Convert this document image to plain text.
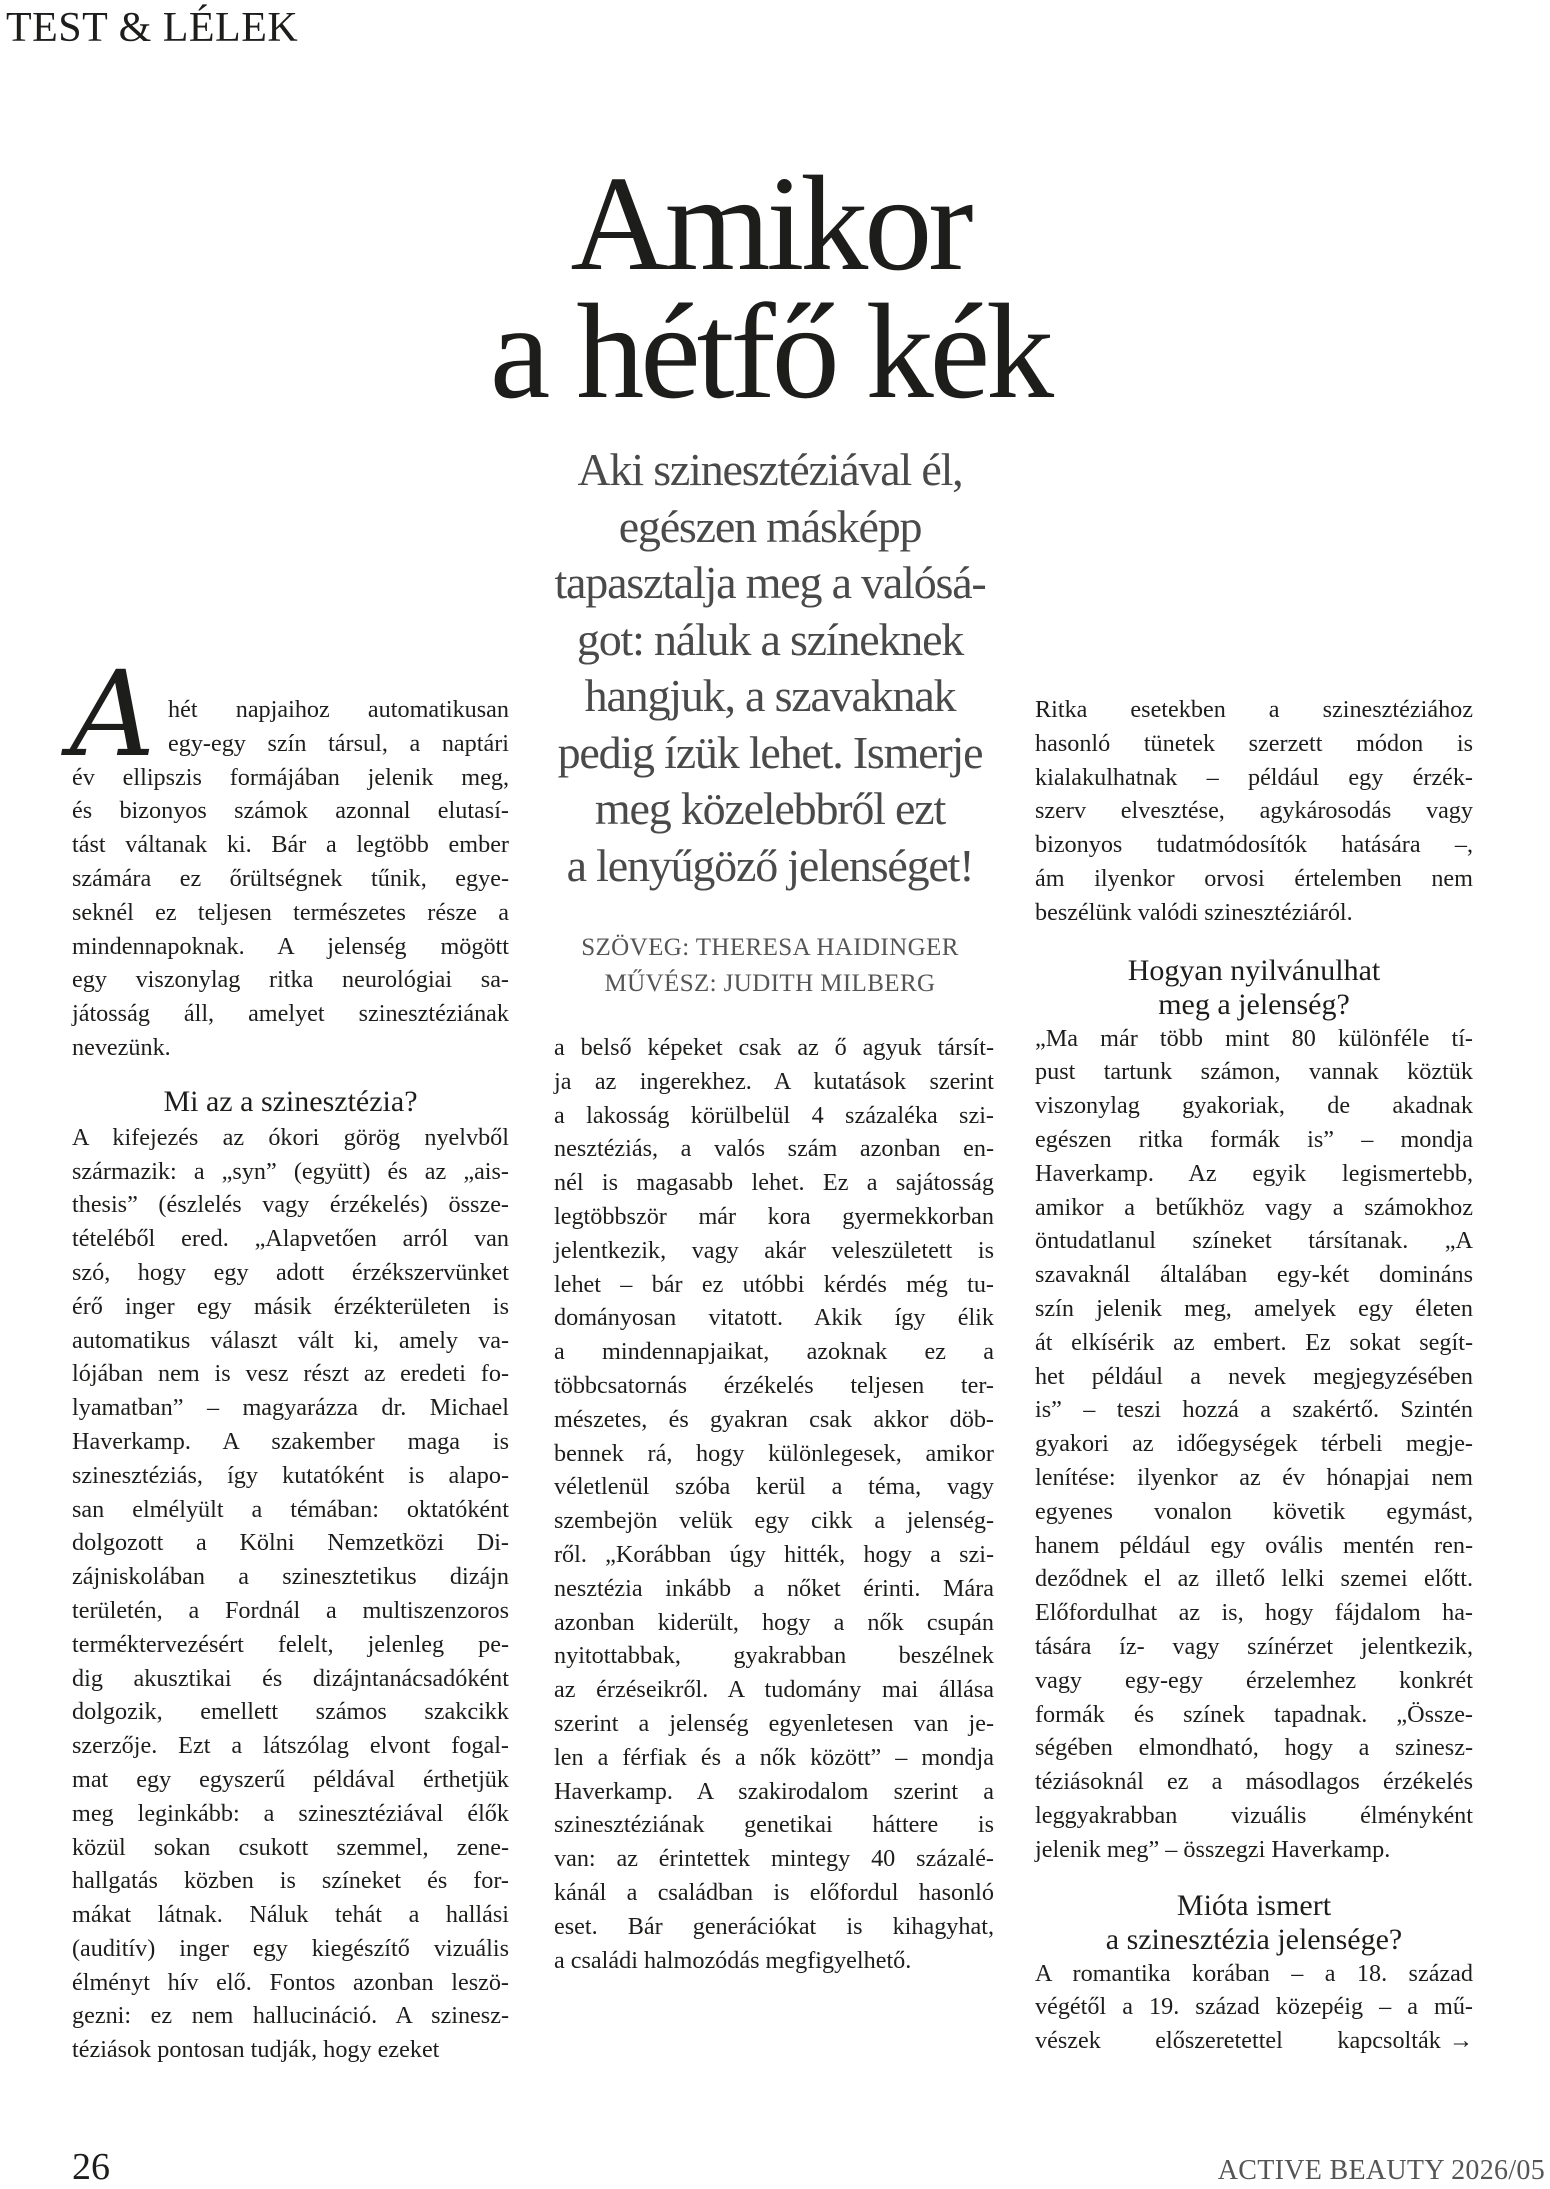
TEST & LÉLEK
Amikor
a hétfő kék

Aki szinesztéziával él,
egészen másképp
tapasztalja meg a valósá-
got: náluk a színeknek
hangjuk, a szavaknak
pedig ízük lehet. Ismerje
meg közelebbről ezt
a lenyűgöző jelenséget!

SZÖVEG: THERESA HAIDINGER
MŰVÉSZ: JUDITH MILBERG
A hét napjaihoz automatikusan
egy-egy szín társul, a naptári
év ellipszis formájában jelenik meg,
és bizonyos számok azonnal elutasí-
tást váltanak ki. Bár a legtöbb ember
számára ez őrültségnek tűnik, egye-
seknél ez teljesen természetes része a
mindennapoknak. A jelenség mögött
egy viszonylag ritka neurológiai sa-
játosság áll, amelyet szinesztéziának
nevezünk.
Mi az a szinesztézia?
A kifejezés az ókori görög nyelvből
származik: a „syn” (együtt) és az „ais-
thesis” (észlelés vagy érzékelés) össze-
tételéből ered. „Alapvetően arról van
szó, hogy egy adott érzékszervünket
érő inger egy másik érzékterületen is
automatikus választ vált ki, amely va-
lójában nem is vesz részt az eredeti fo-
lyamatban” – magyarázza dr. Michael
Haverkamp. A szakember maga is
szinesztéziás, így kutatóként is alapo-
san elmélyült a témában: oktatóként
dolgozott a Kölni Nemzetközi Di-
zájniskolában a szinesztetikus dizájn
területén, a Fordnál a multiszenzoros
terméktervezésért felelt, jelenleg pe-
dig akusztikai és dizájntanácsadóként
dolgozik, emellett számos szakcikk
szerzője. Ezt a látszólag elvont fogal-
mat egy egyszerű példával érthetjük
meg leginkább: a szinesztéziával élők
közül sokan csukott szemmel, zene-
hallgatás közben is színeket és for-
mákat látnak. Náluk tehát a hallási
(auditív) inger egy kiegészítő vizuális
élményt hív elő. Fontos azonban leszö-
gezni: ez nem hallucináció. A szinesz-
téziások pontosan tudják, hogy ezeket
a belső képeket csak az ő agyuk társít-
ja az ingerekhez. A kutatások szerint
a lakosság körülbelül 4 százaléka szi-
nesztéziás, a valós szám azonban en-
nél is magasabb lehet. Ez a sajátosság
legtöbbször már kora gyermekkorban
jelentkezik, vagy akár veleszületett is
lehet – bár ez utóbbi kérdés még tu-
dományosan vitatott. Akik így élik
a mindennapjaikat, azoknak ez a
többcsatornás érzékelés teljesen ter-
mészetes, és gyakran csak akkor döb-
bennek rá, hogy különlegesek, amikor
véletlenül szóba kerül a téma, vagy
szembejön velük egy cikk a jelenség-
ről. „Korábban úgy hitték, hogy a szi-
nesztézia inkább a nőket érinti. Mára
azonban kiderült, hogy a nők csupán
nyitottabbak, gyakrabban beszélnek
az érzéseikről. A tudomány mai állása
szerint a jelenség egyenletesen van je-
len a férfiak és a nők között” – mondja
Haverkamp. A szakirodalom szerint a
szinesztéziának genetikai háttere is
van: az érintettek mintegy 40 százalé-
kánál a családban is előfordul hasonló
eset. Bár generációkat is kihagyhat,
a családi halmozódás megfigyelhető.
Ritka esetekben a szinesztéziához
hasonló tünetek szerzett módon is
kialakulhatnak – például egy érzék-
szerv elvesztése, agykárosodás vagy
bizonyos tudatmódosítók hatására –,
ám ilyenkor orvosi értelemben nem
beszélünk valódi szinesztéziáról.
Hogyan nyilvánulhat
meg a jelenség?
„Ma már több mint 80 különféle tí-
pust tartunk számon, vannak köztük
viszonylag gyakoriak, de akadnak
egészen ritka formák is” – mondja
Haverkamp. Az egyik legismertebb,
amikor a betűkhöz vagy a számokhoz
öntudatlanul színeket társítanak. „A
szavaknál általában egy-két domináns
szín jelenik meg, amelyek egy életen
át elkísérik az embert. Ez sokat segít-
het például a nevek megjegyzésében
is” – teszi hozzá a szakértő. Szintén
gyakori az időegységek térbeli megje-
lenítése: ilyenkor az év hónapjai nem
egyenes vonalon követik egymást,
hanem például egy ovális mentén ren-
deződnek el az illető lelki szemei előtt.
Előfordulhat az is, hogy fájdalom ha-
tására íz- vagy színérzet jelentkezik,
vagy egy-egy érzelemhez konkrét
formák és színek tapadnak. „Össze-
ségében elmondható, hogy a szinesz-
téziásoknál ez a másodlagos érzékelés
leggyakrabban vizuális élményként
jelenik meg” – összegzi Haverkamp.
Mióta ismert
a szinesztézia jelensége?
A romantika korában – a 18. század
végétől a 19. század közepéig – a mű-
vészek előszeretettel kapcsolták →
26	ACTIVE BEAUTY 2026/05
